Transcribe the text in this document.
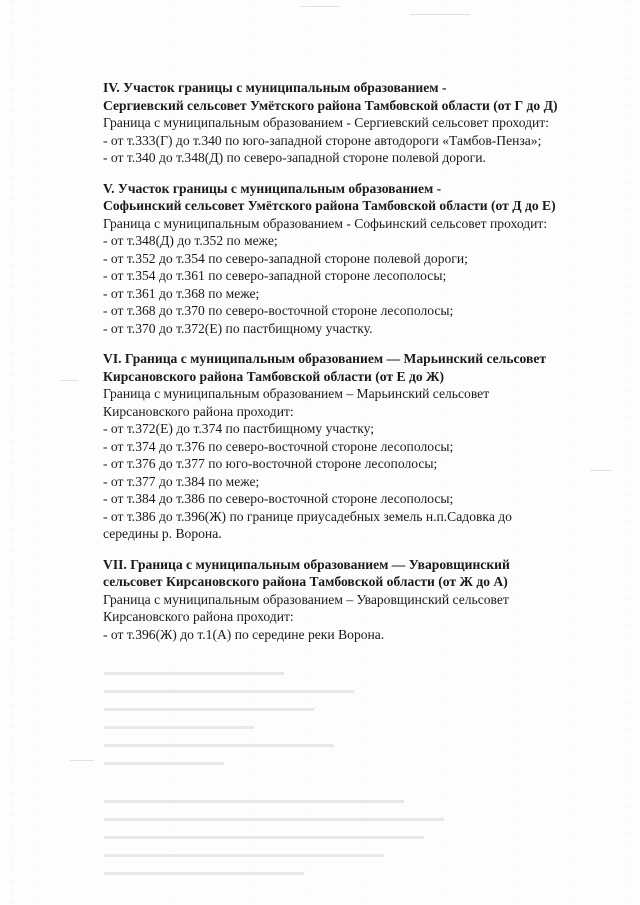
IV. Участок границы с муниципальным образованием -

Сергиевский сельсовет Умётского района Тамбовской области (от Г до Д)

Граница с муниципальным образованием - Сергиевский сельсовет проходит:

- от т.333(Г) до т.340 по юго-западной стороне автодороги «Тамбов-Пенза»;

- от т.340 до т.348(Д) по северо-западной стороне полевой дороги.

V. Участок границы с муниципальным образованием -

Софьинский сельсовет Умётского района Тамбовской области (от Д до Е)

Граница с муниципальным образованием - Софьинский сельсовет проходит:

- от т.348(Д) до т.352 по меже;

- от т.352 до т.354 по северо-западной стороне полевой дороги;

- от т.354 до т.361 по северо-западной стороне лесополосы;

- от т.361 до т.368 по меже;

- от т.368 до т.370 по северо-восточной стороне лесополосы;

- от т.370 до т.372(Е) по пастбищному участку.

VI. Граница с муниципальным образованием — Марьинский сельсовет

Кирсановского района Тамбовской области (от Е до Ж)

Граница с муниципальным образованием – Марьинский сельсовет

Кирсановского района проходит:

- от т.372(Е) до т.374 по пастбищному участку;

- от т.374 до т.376 по северо-восточной стороне лесополосы;

- от т.376 до т.377 по юго-восточной стороне лесополосы;

- от т.377 до т.384 по меже;

- от т.384 до т.386 по северо-восточной стороне лесополосы;

- от т.386 до т.396(Ж) по границе приусадебных земель н.п.Садовка до

середины р. Ворона.

VII. Граница с муниципальным образованием — Уваровщинский

сельсовет Кирсановского района Тамбовской области (от Ж до А)

Граница с муниципальным образованием – Уваровщинский сельсовет

Кирсановского района проходит:

- от т.396(Ж) до т.1(А) по середине реки Ворона.
